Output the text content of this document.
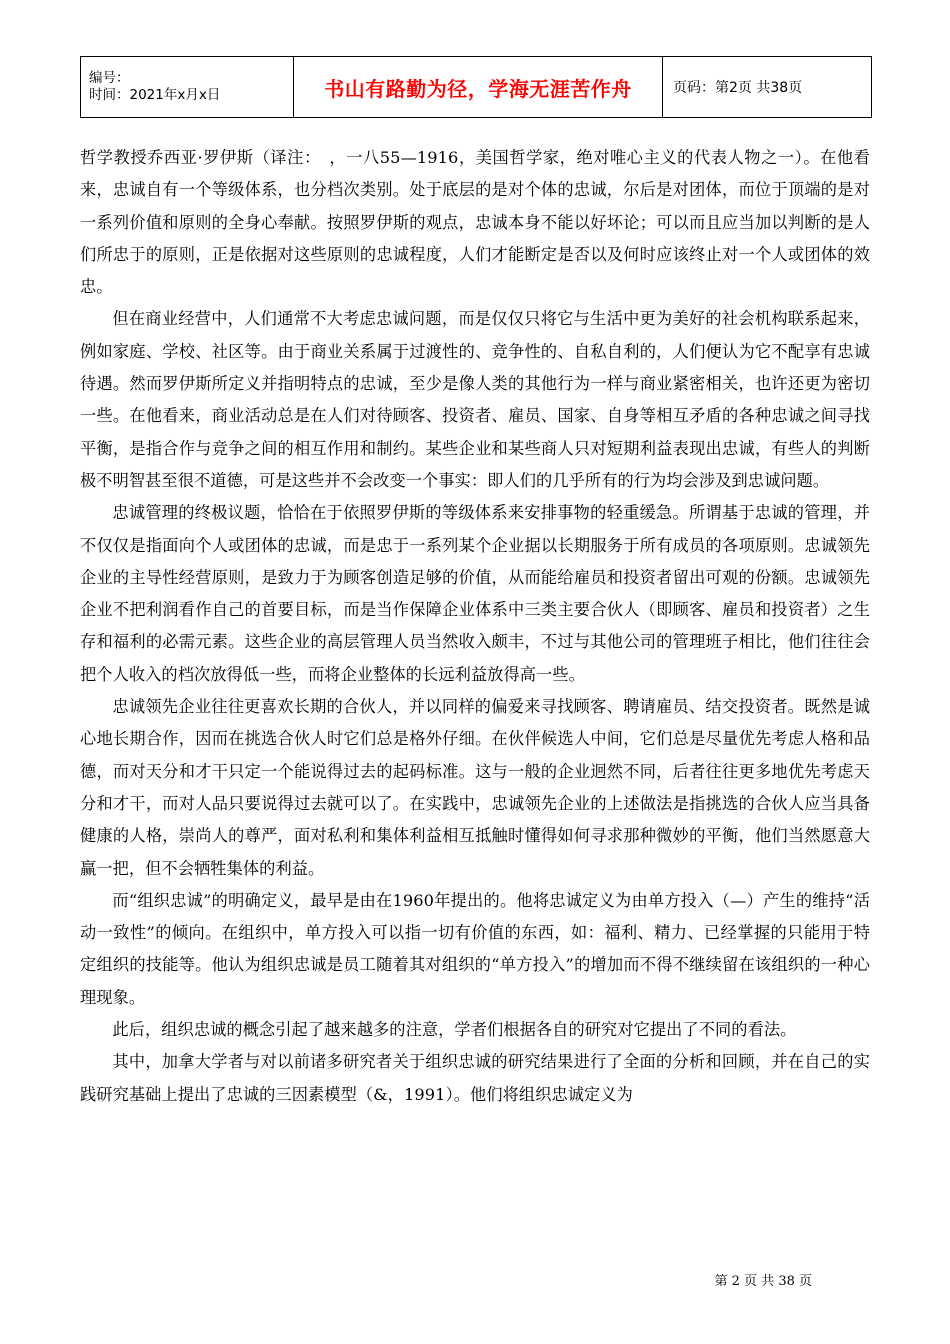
编号：
时间：2021年x月x日	书山有路勤为径，学海无涯苦作舟	页码：第2页 共38页

哲学教授乔西亚·罗伊斯（译注：　，一八55—1916，美国哲学家，绝对唯心主义的代表人物之一）。在他看来，忠诚自有一个等级体系，也分档次类别。处于底层的是对个体的忠诚，尔后是对团体，而位于顶端的是对一系列价值和原则的全身心奉献。按照罗伊斯的观点，忠诚本身不能以好坏论；可以而且应当加以判断的是人们所忠于的原则，正是依据对这些原则的忠诚程度，人们才能断定是否以及何时应该终止对一个人或团体的效忠。

但在商业经营中，人们通常不大考虑忠诚问题，而是仅仅只将它与生活中更为美好的社会机构联系起来，例如家庭、学校、社区等。由于商业关系属于过渡性的、竞争性的、自私自利的，人们便认为它不配享有忠诚待遇。然而罗伊斯所定义并指明特点的忠诚，至少是像人类的其他行为一样与商业紧密相关，也许还更为密切一些。在他看来，商业活动总是在人们对待顾客、投资者、雇员、国家、自身等相互矛盾的各种忠诚之间寻找平衡，是指合作与竞争之间的相互作用和制约。某些企业和某些商人只对短期利益表现出忠诚，有些人的判断极不明智甚至很不道德，可是这些并不会改变一个事实：即人们的几乎所有的行为均会涉及到忠诚问题。

忠诚管理的终极议题，恰恰在于依照罗伊斯的等级体系来安排事物的轻重缓急。所谓基于忠诚的管理，并不仅仅是指面向个人或团体的忠诚，而是忠于一系列某个企业据以长期服务于所有成员的各项原则。忠诚领先企业的主导性经营原则，是致力于为顾客创造足够的价值，从而能给雇员和投资者留出可观的份额。忠诚领先企业不把利润看作自己的首要目标，而是当作保障企业体系中三类主要合伙人（即顾客、雇员和投资者）之生存和福利的必需元素。这些企业的高层管理人员当然收入颇丰，不过与其他公司的管理班子相比，他们往往会把个人收入的档次放得低一些，而将企业整体的长远利益放得高一些。

忠诚领先企业往往更喜欢长期的合伙人，并以同样的偏爱来寻找顾客、聘请雇员、结交投资者。既然是诚心地长期合作，因而在挑选合伙人时它们总是格外仔细。在伙伴候选人中间，它们总是尽量优先考虑人格和品德，而对天分和才干只定一个能说得过去的起码标准。这与一般的企业迥然不同，后者往往更多地优先考虑天分和才干，而对人品只要说得过去就可以了。在实践中，忠诚领先企业的上述做法是指挑选的合伙人应当具备健康的人格，崇尚人的尊严，面对私利和集体利益相互抵触时懂得如何寻求那种微妙的平衡，他们当然愿意大赢一把，但不会牺牲集体的利益。

而“组织忠诚”的明确定义，最早是由在1960年提出的。他将忠诚定义为由单方投入（—）产生的维持“活动一致性”的倾向。在组织中，单方投入可以指一切有价值的东西，如：福利、精力、已经掌握的只能用于特定组织的技能等。他认为组织忠诚是员工随着其对组织的“单方投入”的增加而不得不继续留在该组织的一种心理现象。

此后，组织忠诚的概念引起了越来越多的注意，学者们根据各自的研究对它提出了不同的看法。

其中，加拿大学者与对以前诸多研究者关于组织忠诚的研究结果进行了全面的分析和回顾，并在自己的实践研究基础上提出了忠诚的三因素模型（&，1991）。他们将组织忠诚定义为

第 2 页 共 38 页
